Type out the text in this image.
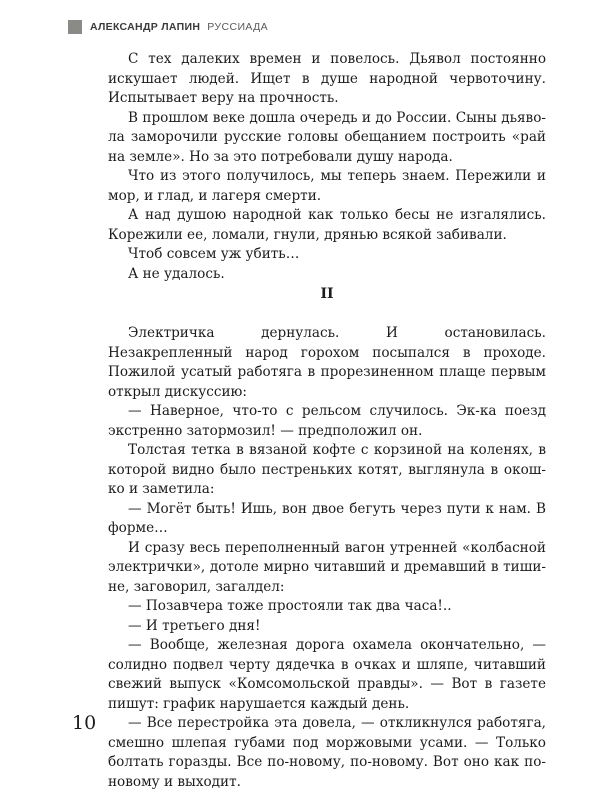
АЛЕКСАНДР ЛАПИН РУССИАДА

С тех далеких времен и повелось. Дьявол постоянно искушает людей. Ищет в душе народной червоточину. Испытывает веру на прочность.

В прошлом веке дошла очередь и до России. Сыны дьявола заморочили русские головы обещанием построить «рай на земле». Но за это потребовали душу народа.

Что из этого получилось, мы теперь знаем. Пережили и мор, и глад, и лагеря смерти.

А над душою народной как только бесы не изгалялись. Корежили ее, ломали, гнули, дрянью всякой забивали.

Чтоб совсем уж убить…

А не удалось.

II

Электричка дернулась. И остановилась. Незакрепленный народ горохом посыпался в проходе. Пожилой усатый работяга в прорезиненном плаще первым открыл дискуссию:

— Наверное, что-то с рельсом случилось. Эк-ка поезд экстренно затормозил! — предположил он.

Толстая тетка в вязаной кофте с корзиной на коленях, в которой видно было пестреньких котят, выглянула в окошко и заметила:

— Могёт быть! Ишь, вон двое бегуть через пути к нам. В форме…

И сразу весь переполненный вагон утренней «колбасной электрички», дотоле мирно читавший и дремавший в тишине, заговорил, загалдел:

— Позавчера тоже простояли так два часа!..

— И третьего дня!

— Вообще, железная дорога охамела окончательно, — солидно подвел черту дядечка в очках и шляпе, читавший свежий выпуск «Комсомольской правды». — Вот в газете пишут: график нарушается каждый день.

— Все перестройка эта довела, — откликнулся работяга, смешно шлепая губами под моржовыми усами. — Только болтать горазды. Все по-новому, по-новому. Вот оно как по-новому и выходит.

10
